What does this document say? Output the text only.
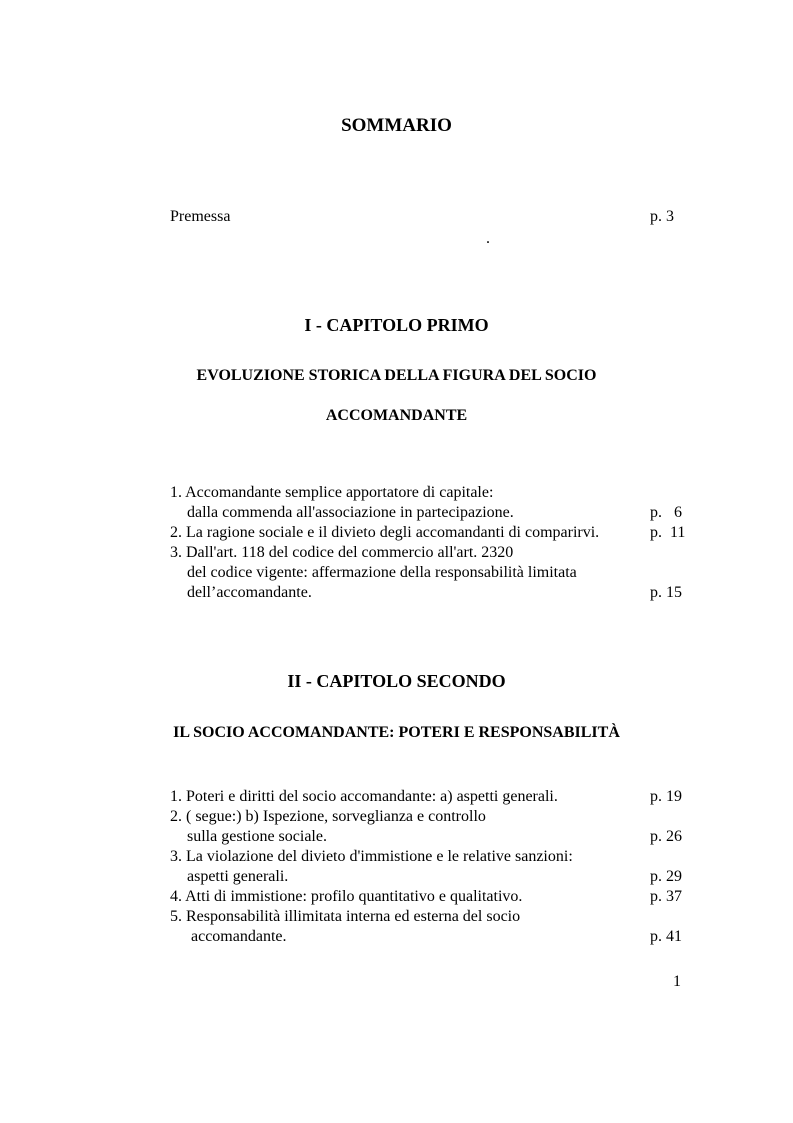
SOMMARIO
Premessa	p. 3
.
I - CAPITOLO PRIMO
EVOLUZIONE STORICA DELLA FIGURA DEL SOCIO
ACCOMANDANTE
1. Accomandante semplice apportatore di capitale:
dalla commenda all'associazione in partecipazione.	p.   6
2. La ragione sociale e il divieto degli accomandanti di comparirvi.	p.  11
3. Dall'art. 118 del codice del commercio all'art. 2320
del codice vigente: affermazione della responsabilità limitata
dell’accomandante.	p. 15
II - CAPITOLO SECONDO
IL SOCIO ACCOMANDANTE: POTERI E RESPONSABILITÀ
1. Poteri e diritti del socio accomandante: a) aspetti generali.	p. 19
2. ( segue:) b) Ispezione, sorveglianza e controllo
sulla gestione sociale.	p. 26
3. La violazione del divieto d'immistione e le relative sanzioni:
aspetti generali.	p. 29
4. Atti di immistione: profilo quantitativo e qualitativo.	p. 37
5. Responsabilità illimitata interna ed esterna del socio
accomandante.	p. 41
1
